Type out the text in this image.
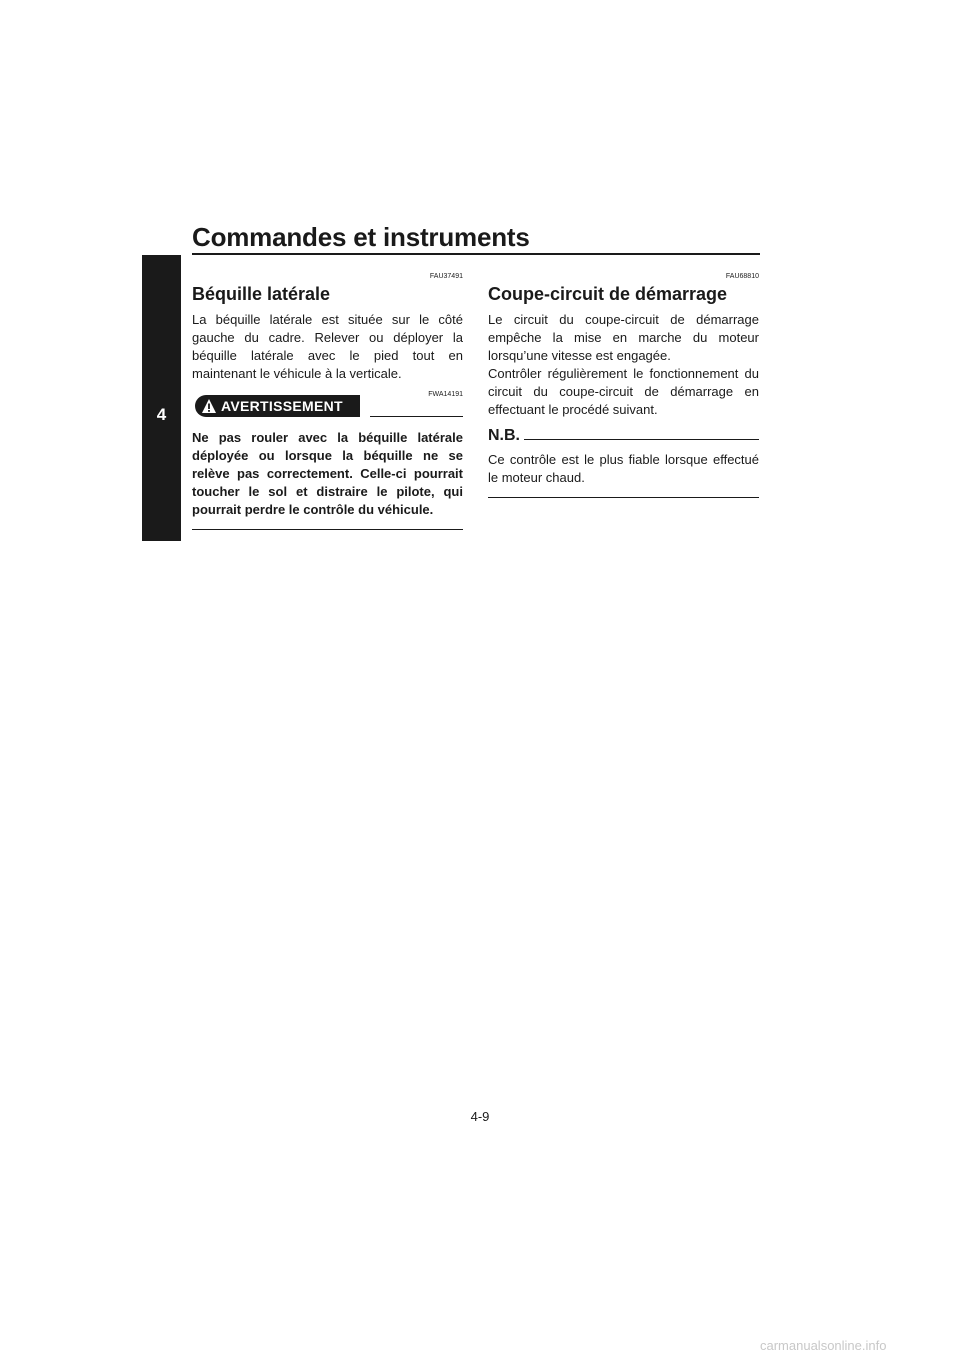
Commandes et instruments
4
FAU37491
Béquille latérale

La béquille latérale est située sur le côté gauche du cadre. Relever ou déployer la béquille latérale avec le pied tout en maintenant le véhicule à la verticale.

AVERTISSEMENT
FWA14191

Ne pas rouler avec la béquille latérale déployée ou lorsque la béquille ne se relève pas correctement. Celle-ci pourrait toucher le sol et distraire le pilote, qui pourrait perdre le contrôle du véhicule.

FAU68810
Coupe-circuit de démarrage

Le circuit du coupe-circuit de démarrage empêche la mise en marche du moteur lorsqu’une vitesse est engagée.

Contrôler régulièrement le fonctionnement du circuit du coupe-circuit de démarrage en effectuant le procédé suivant.

N.B.

Ce contrôle est le plus fiable lorsque effectué le moteur chaud.

4-9
carmanualsonline.info
